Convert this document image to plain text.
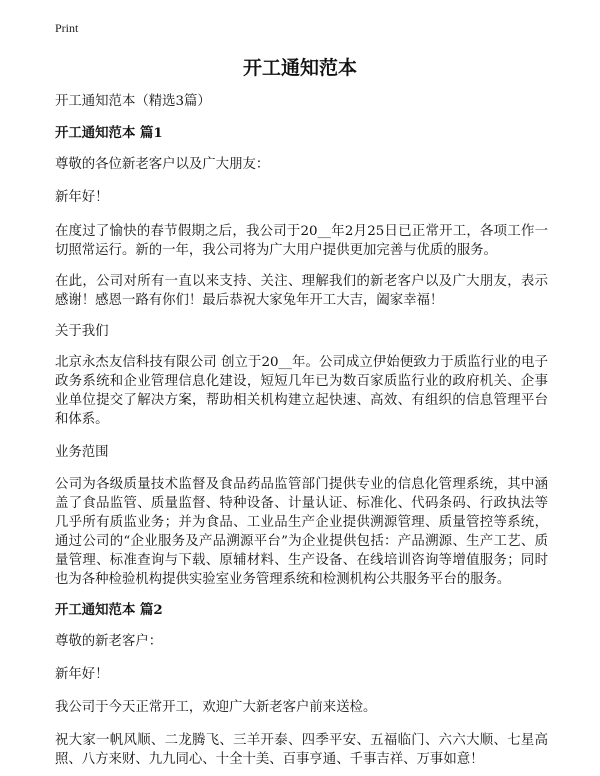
Print
开工通知范本

开工通知范本（精选3篇）

开工通知范本 篇1

尊敬的各位新老客户以及广大朋友：

新年好！

在度过了愉快的春节假期之后，我公司于20__年2月25日已正常开工，各项工作一切照常运行。新的一年，我公司将为广大用户提供更加完善与优质的服务。

在此，公司对所有一直以来支持、关注、理解我们的新老客户以及广大朋友，表示感谢！感恩一路有你们！最后恭祝大家兔年开工大吉，阖家幸福！

关于我们

北京永杰友信科技有限公司 创立于20__年。公司成立伊始便致力于质监行业的电子政务系统和企业管理信息化建设，短短几年已为数百家质监行业的政府机关、企事业单位提交了解决方案，帮助相关机构建立起快速、高效、有组织的信息管理平台和体系。

业务范围

公司为各级质量技术监督及食品药品监管部门提供专业的信息化管理系统，其中涵盖了食品监管、质量监督、特种设备、计量认证、标准化、代码条码、行政执法等几乎所有质监业务；并为食品、工业品生产企业提供溯源管理、质量管控等系统，通过公司的“企业服务及产品溯源平台”为企业提供包括：产品溯源、生产工艺、质量管理、标准查询与下载、原辅材料、生产设备、在线培训咨询等增值服务；同时也为各种检验机构提供实验室业务管理系统和检测机构公共服务平台的服务。

开工通知范本 篇2

尊敬的新老客户：

新年好！

我公司于今天正常开工，欢迎广大新老客户前来送检。

祝大家一帆风顺、二龙腾飞、三羊开泰、四季平安、五福临门、六六大顺、七星高照、八方来财、九九同心、十全十美、百事亨通、千事吉祥、万事如意！
